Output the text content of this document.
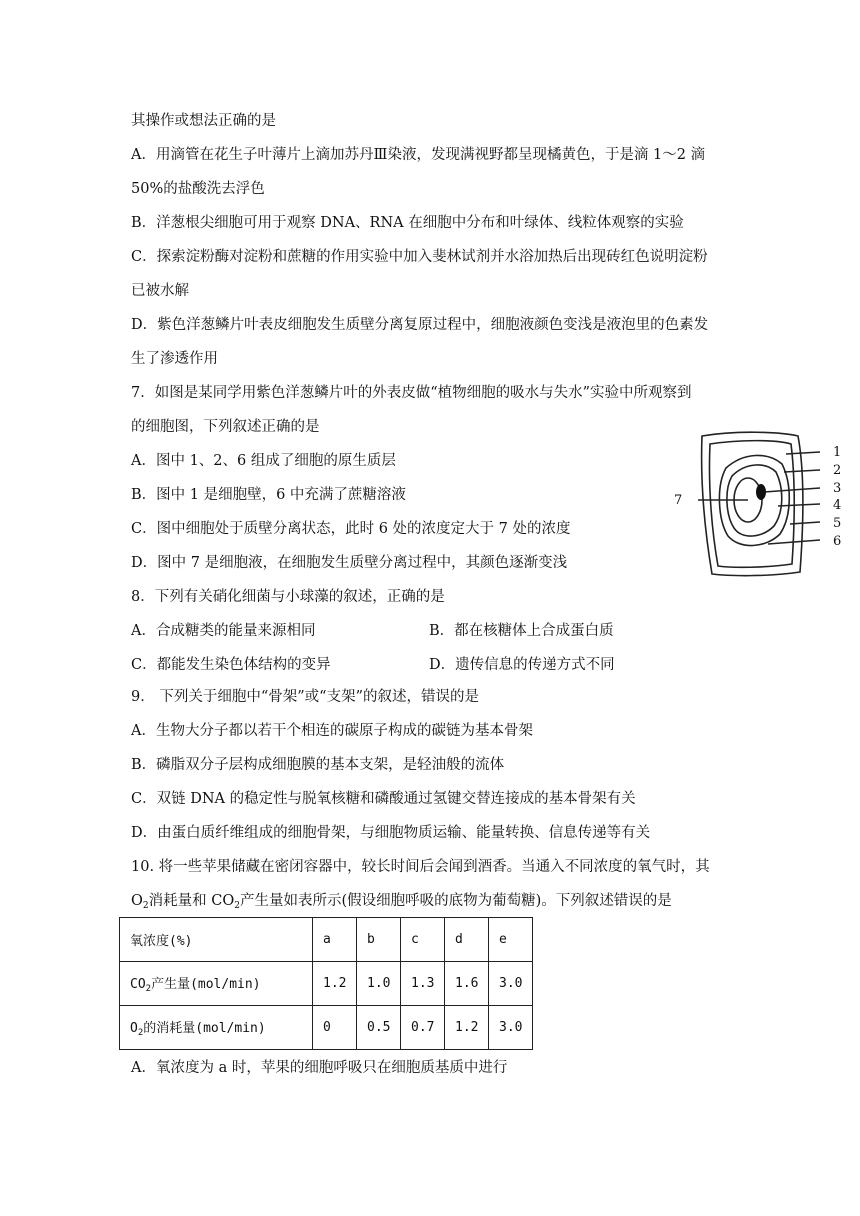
其操作或想法正确的是
A．用滴管在花生子叶薄片上滴加苏丹Ⅲ染液，发现满视野都呈现橘黄色，于是滴 1～2 滴
50%的盐酸洗去浮色
B．洋葱根尖细胞可用于观察 DNA、RNA 在细胞中分布和叶绿体、线粒体观察的实验
C．探索淀粉酶对淀粉和蔗糖的作用实验中加入斐林试剂并水浴加热后出现砖红色说明淀粉
已被水解
D．紫色洋葱鳞片叶表皮细胞发生质壁分离复原过程中，细胞液颜色变浅是液泡里的色素发
生了渗透作用
7．如图是某同学用紫色洋葱鳞片叶的外表皮做“植物细胞的吸水与失水”实验中所观察到
的细胞图，下列叙述正确的是
A．图中 1、2、6 组成了细胞的原生质层
B．图中 1 是细胞壁，6 中充满了蔗糖溶液
C．图中细胞处于质壁分离状态，此时 6 处的浓度定大于 7 处的浓度
D．图中 7 是细胞液，在细胞发生质壁分离过程中，其颜色逐渐变浅
8．下列有关硝化细菌与小球藻的叙述，正确的是
A．合成糖类的能量来源相同	B．都在核糖体上合成蛋白质
C．都能发生染色体结构的变异	D．遗传信息的传递方式不同
9． 下列关于细胞中“骨架”或“支架”的叙述，错误的是
A．生物大分子都以若干个相连的碳原子构成的碳链为基本骨架
B．磷脂双分子层构成细胞膜的基本支架，是轻油般的流体
C．双链 DNA 的稳定性与脱氧核糖和磷酸通过氢键交替连接成的基本骨架有关
D．由蛋白质纤维组成的细胞骨架，与细胞物质运输、能量转换、信息传递等有关
10. 将一些苹果储藏在密闭容器中，较长时间后会闻到酒香。当通入不同浓度的氧气时，其
$O_2$消耗量和 $CO_2$产生量如表所示(假设细胞呼吸的底物为葡萄糖)。下列叙述错误的是
氧浓度(%)	a	b	c	d	e
$CO_2$产生量(mol/min)	1.2	1.0	1.3	1.6	3.0
$O_2$的消耗量(mol/min)	0	0.5	0.7	1.2	3.0
A．氧浓度为 a 时，苹果的细胞呼吸只在细胞质基质中进行
1
2
3
4
5
6
7
